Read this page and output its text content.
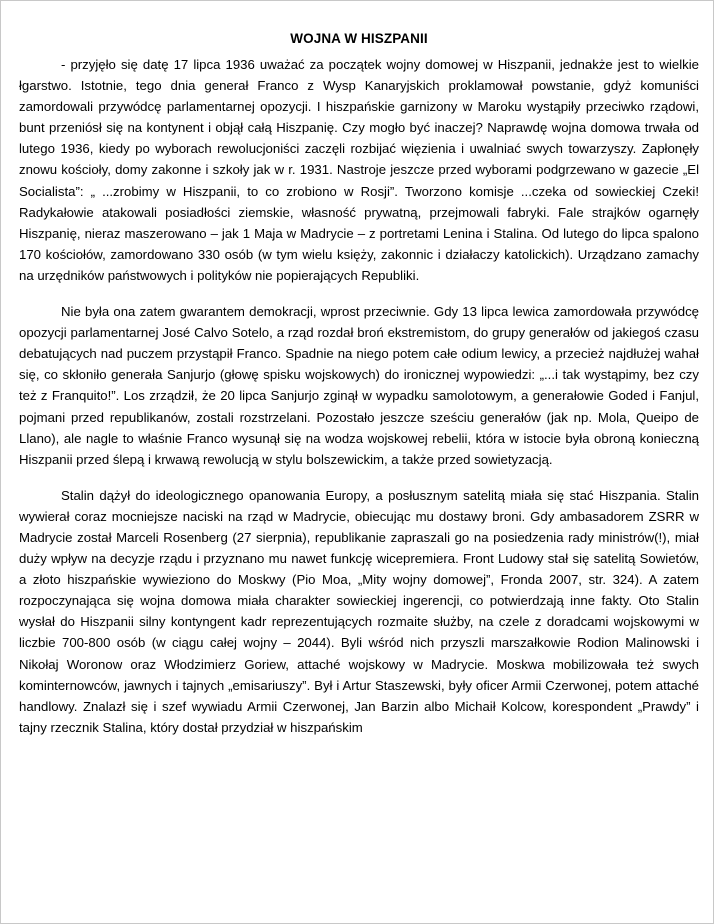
WOJNA W HISZPANII

- przyjęło się datę 17 lipca 1936 uważać za początek wojny domowej w Hiszpanii, jednakże jest to wielkie łgarstwo. Istotnie, tego dnia generał Franco z Wysp Kanaryjskich proklamował powstanie, gdyż komuniści zamordowali przywódcę parlamentarnej opozycji. I hiszpańskie garnizony w Maroku wystąpiły przeciwko rządowi, bunt przeniósł się na kontynent i objął całą Hiszpanię. Czy mogło być inaczej? Naprawdę wojna domowa trwała od lutego 1936, kiedy po wyborach rewolucjoniści zaczęli rozbijać więzienia i uwalniać swych towarzyszy. Zapłonęły znowu kościoły, domy zakonne i szkoły jak w r. 1931. Nastroje jeszcze przed wyborami podgrzewano w gazecie „El Socialista”: „ ...zrobimy w Hiszpanii, to co zrobiono w Rosji”. Tworzono komisje ...czeka od sowieckiej Czeki! Radykałowie atakowali posiadłości ziemskie, własność prywatną, przejmowali fabryki. Fale strajków ogarnęły Hiszpanię, nieraz maszerowano – jak 1 Maja w Madrycie – z portretami Lenina i Stalina. Od lutego do lipca spalono 170 kościołów, zamordowano 330 osób (w tym wielu księży, zakonnic i działaczy katolickich). Urządzano zamachy na urzędników państwowych i polityków nie popierających Republiki.

Nie była ona zatem gwarantem demokracji, wprost przeciwnie. Gdy 13 lipca lewica zamordowała przywódcę opozycji parlamentarnej José Calvo Sotelo, a rząd rozdał broń ekstremistom, do grupy generałów od jakiegoś czasu debatujących nad puczem przystąpił Franco. Spadnie na niego potem całe odium lewicy, a przecież najdłużej wahał się, co skłoniło generała Sanjurjo (głowę spisku wojskowych) do ironicznej wypowiedzi: „...i tak wystąpimy, bez czy też z Franquito!”. Los zrządził, że 20 lipca Sanjurjo zginął w wypadku samolotowym, a generałowie Goded i Fanjul, pojmani przed republikanów, zostali rozstrzelani. Pozostało jeszcze sześciu generałów (jak np. Mola, Queipo de Llano), ale nagle to właśnie Franco wysunął się na wodza wojskowej rebelii, która w istocie była obroną konieczną Hiszpanii przed ślepą i krwawą rewolucją w stylu bolszewickim, a także przed sowietyzacją.

Stalin dążył do ideologicznego opanowania Europy, a posłusznym satelitą miała się stać Hiszpania. Stalin wywierał coraz mocniejsze naciski na rząd w Madrycie, obiecując mu dostawy broni. Gdy ambasadorem ZSRR w Madrycie został Marceli Rosenberg (27 sierpnia), republikanie zapraszali go na posiedzenia rady ministrów(!), miał duży wpływ na decyzje rządu i przyznano mu nawet funkcję wicepremiera. Front Ludowy stał się satelitą Sowietów, a złoto hiszpańskie wywieziono do Moskwy (Pio Moa, „Mity wojny domowej”, Fronda 2007, str. 324). A zatem rozpoczynająca się wojna domowa miała charakter sowieckiej ingerencji, co potwierdzają inne fakty. Oto Stalin wysłał do Hiszpanii silny kontyngent kadr reprezentujących rozmaite służby, na czele z doradcami wojskowymi w liczbie 700-800 osób (w ciągu całej wojny – 2044). Byli wśród nich przyszli marszałkowie Rodion Malinowski i Nikołaj Woronow oraz Włodzimierz Goriew, attaché wojskowy w Madrycie. Moskwa mobilizowała też swych kominternowców, jawnych i tajnych „emisariuszy”. Był i Artur Staszewski, były oficer Armii Czerwonej, potem attaché handlowy. Znalazł się i szef wywiadu Armii Czerwonej, Jan Barzin albo Michaił Kolcow, korespondent „Prawdy” i tajny rzecznik Stalina, który dostał przydział w hiszpańskim
